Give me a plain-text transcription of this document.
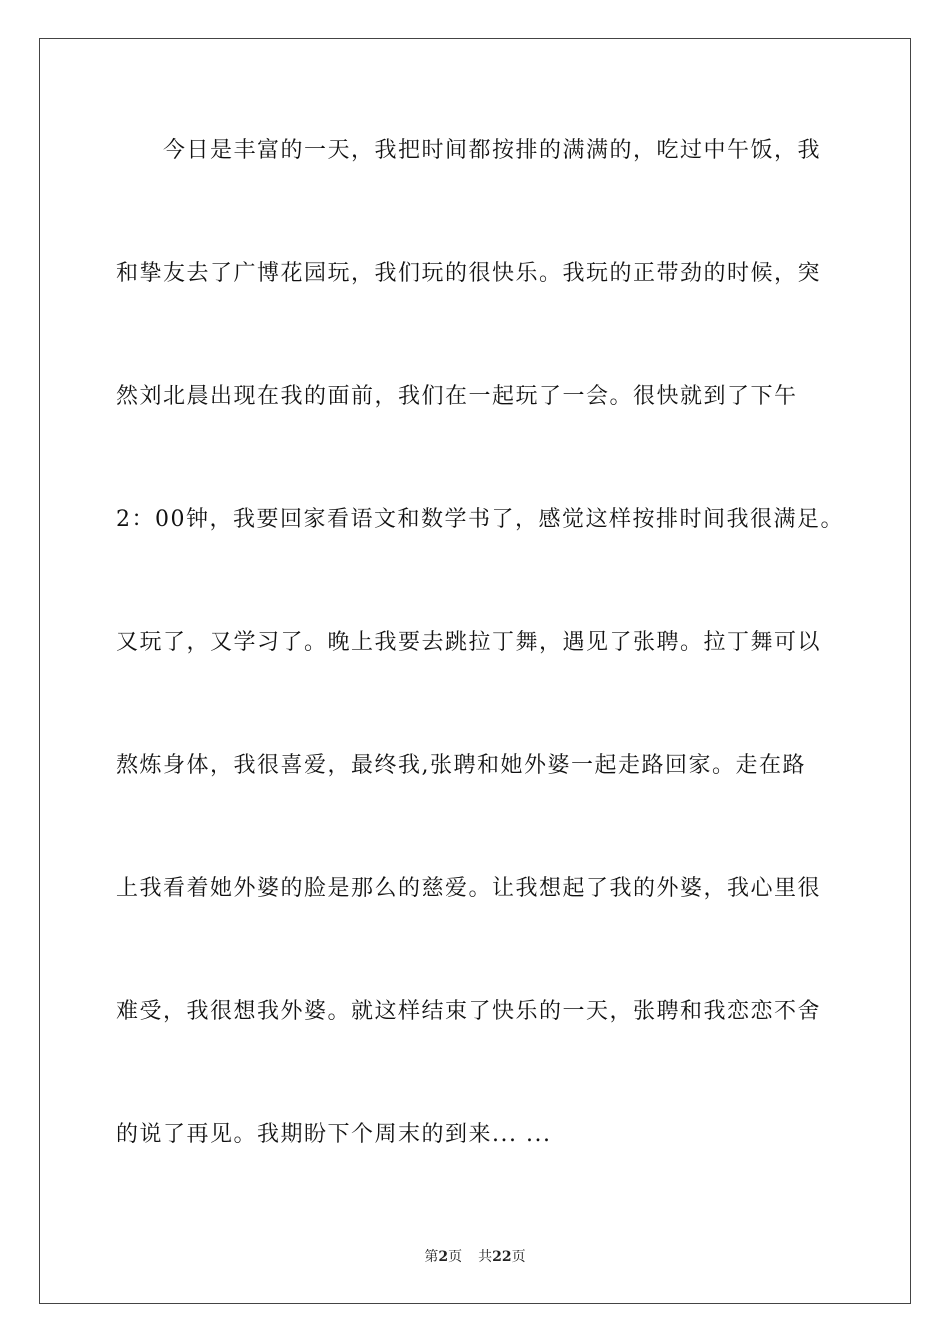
　　今日是丰富的一天，我把时间都按排的满满的，吃过中午饭，我
和挚友去了广博花园玩，我们玩的很快乐。我玩的正带劲的时候，突
然刘北晨出现在我的面前，我们在一起玩了一会。很快就到了下午
2：00钟，我要回家看语文和数学书了，感觉这样按排时间我很满足。
又玩了，又学习了。晚上我要去跳拉丁舞，遇见了张聘。拉丁舞可以
熬炼身体，我很喜爱，最终我,张聘和她外婆一起走路回家。走在路
上我看着她外婆的脸是那么的慈爱。让我想起了我的外婆，我心里很
难受，我很想我外婆。就这样结束了快乐的一天，张聘和我恋恋不舍
的说了再见。我期盼下个周末的到来... ...
第2页 共22页
